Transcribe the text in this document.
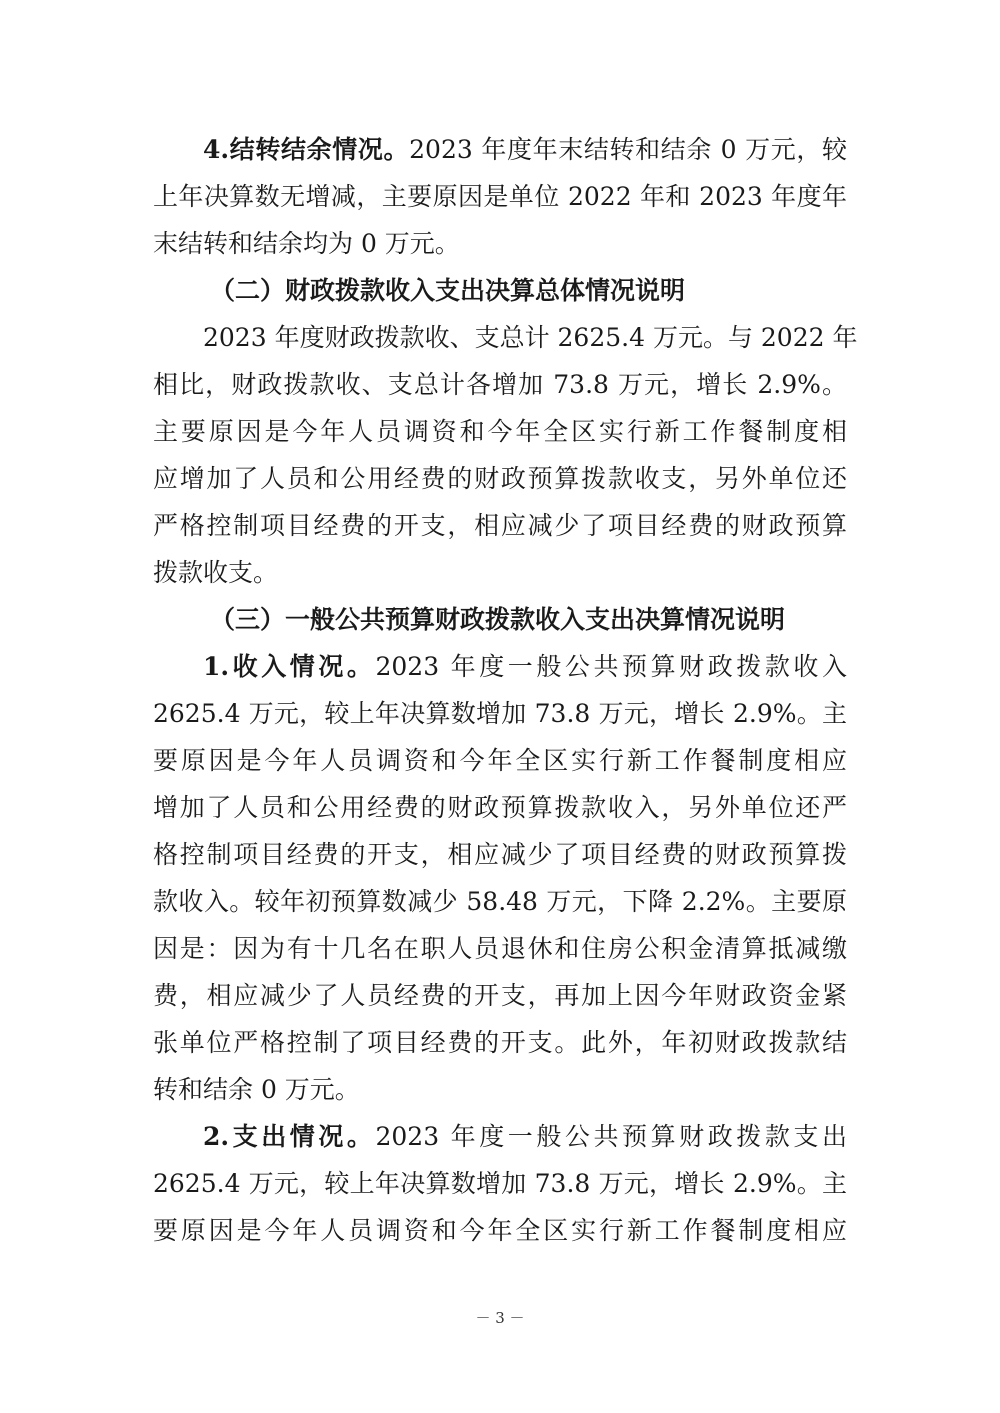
4.结转结余情况。2023 年度年末结转和结余 0 万元，较
上年决算数无增减，主要原因是单位 2022 年和 2023 年度年
末结转和结余均为 0 万元。
（二）财政拨款收入支出决算总体情况说明
2023 年度财政拨款收、支总计 2625.4 万元。与 2022 年
相比，财政拨款收、支总计各增加 73.8 万元，增长 2.9%。
主要原因是今年人员调资和今年全区实行新工作餐制度相
应增加了人员和公用经费的财政预算拨款收支，另外单位还
严格控制项目经费的开支，相应减少了项目经费的财政预算
拨款收支。
（三）一般公共预算财政拨款收入支出决算情况说明
1.收入情况。2023 年度一般公共预算财政拨款收入
2625.4 万元，较上年决算数增加 73.8 万元，增长 2.9%。主
要原因是今年人员调资和今年全区实行新工作餐制度相应
增加了人员和公用经费的财政预算拨款收入，另外单位还严
格控制项目经费的开支，相应减少了项目经费的财政预算拨
款收入。较年初预算数减少 58.48 万元，下降 2.2%。主要原
因是：因为有十几名在职人员退休和住房公积金清算抵减缴
费，相应减少了人员经费的开支，再加上因今年财政资金紧
张单位严格控制了项目经费的开支。此外，年初财政拨款结
转和结余 0 万元。
2.支出情况。2023 年度一般公共预算财政拨款支出
2625.4 万元，较上年决算数增加 73.8 万元，增长 2.9%。主
要原因是今年人员调资和今年全区实行新工作餐制度相应
－ 3 －
